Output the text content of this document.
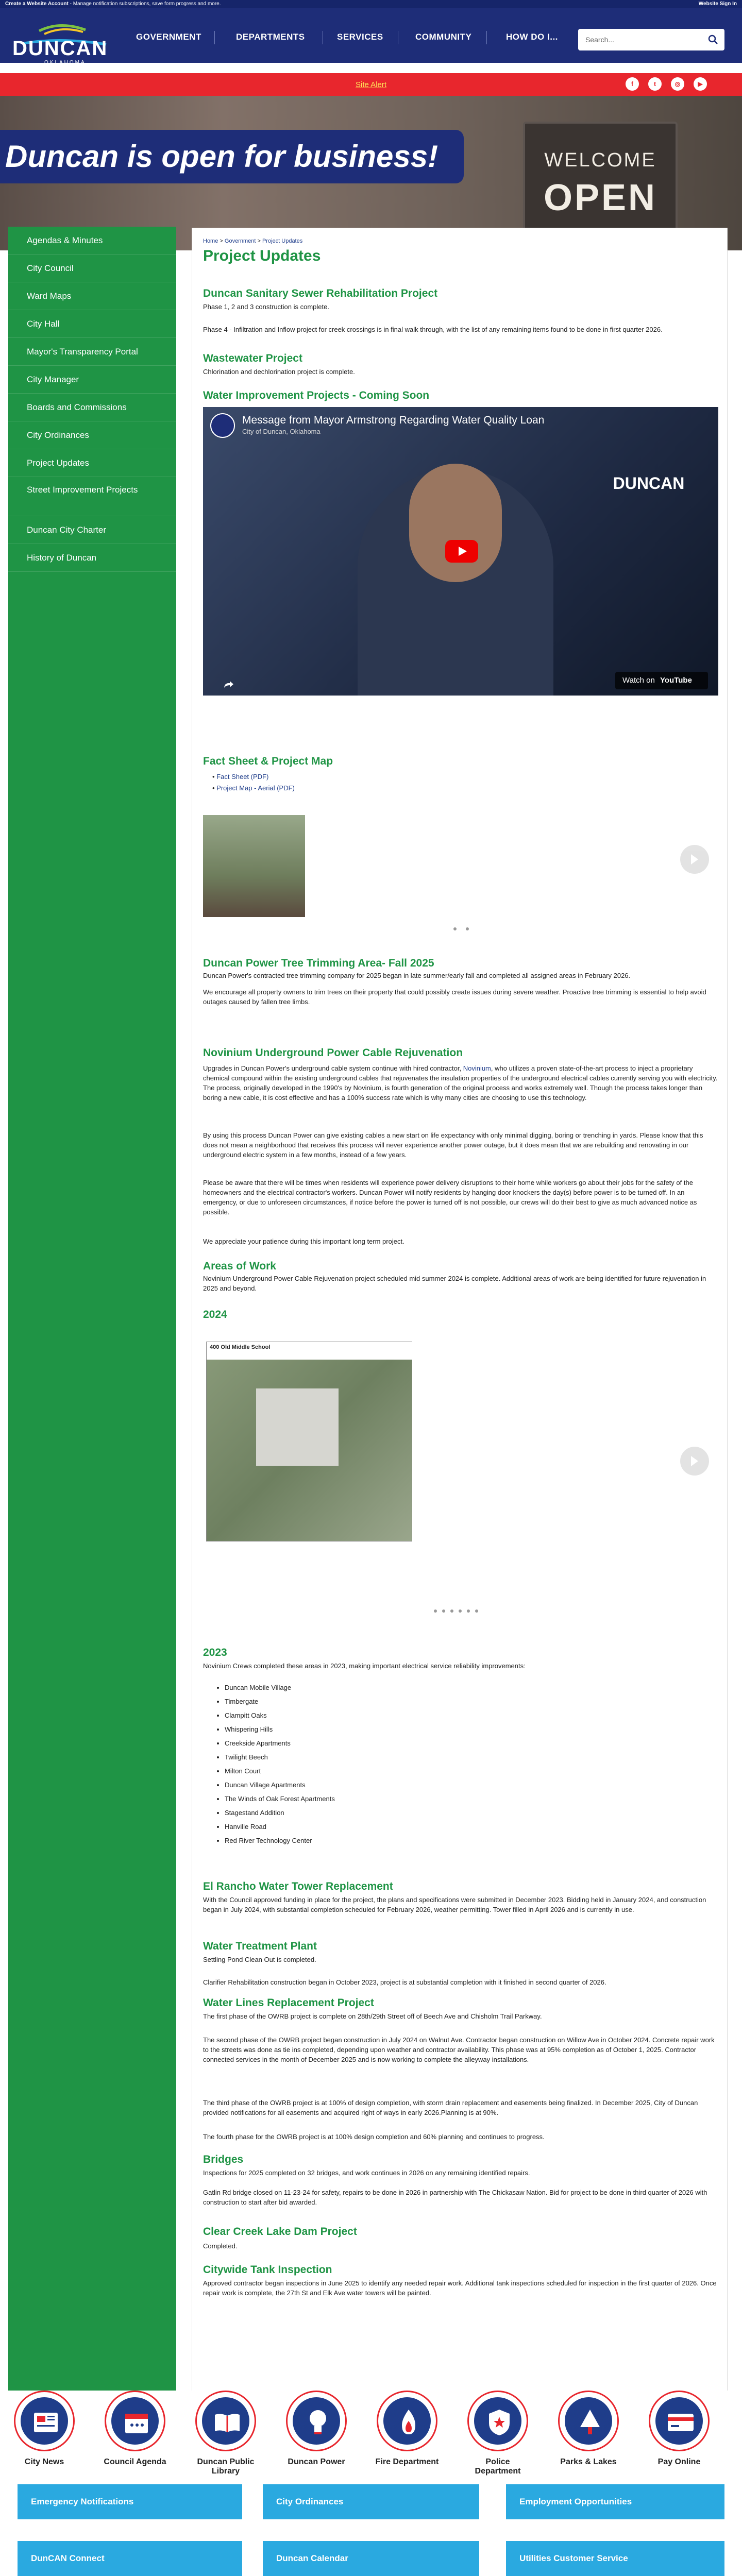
Create a Website Account - Manage notification subscriptions, save form progress and more.	Website Sign In
DUNCAN
OKLAHOMA
GOVERNMENT	DEPARTMENTS	SERVICES	COMMUNITY	HOW DO I...	Search...
Site Alert	f	t	◎	▶
Duncan is open for business!	WELCOME
OPEN
Agendas & Minutes
City Council
Ward Maps
City Hall
Mayor's Transparency Portal
City Manager
Boards and Commissions
City Ordinances
Project Updates
Street Improvement Projects
Duncan City Charter
History of Duncan
Home > Government > Project Updates
Project Updates
Duncan Sanitary Sewer Rehabilitation Project

Phase 1, 2 and 3 construction is complete.

Phase 4 - Infiltration and Inflow project for creek crossings is in final walk through, with the list of any remaining items found to be done in first quarter 2026.

Wastewater Project

Chlorination and dechlorination project is complete.

Water Improvement Projects - Coming Soon
Message from Mayor Armstrong Regarding Water Quality Loan
City of Duncan, Oklahoma
DUNCAN
Watch on YouTube
Fact Sheet & Project Map
• Fact Sheet (PDF)
• Project Map - Aerial (PDF)
Duncan Power Tree Trimming Area- Fall 2025

Duncan Power's contracted tree trimming company for 2025 began in late summer/early fall and completed all assigned areas in February 2026.

We encourage all property owners to trim trees on their property that could possibly create issues during severe weather. Proactive tree trimming is essential to help avoid outages caused by fallen tree limbs.

Novinium Underground Power Cable Rejuvenation

Upgrades in Duncan Power's underground cable system continue with hired contractor, Novinium, who utilizes a proven state-of-the-art process to inject a proprietary chemical compound within the existing underground cables that rejuvenates the insulation properties of the underground electrical cables currently serving you with electricity. The process, originally developed in the 1990's by Novinium, is fourth generation of the original process and works extremely well. Though the process takes longer than boring a new cable, it is cost effective and has a 100% success rate which is why many cities are choosing to use this technology.

By using this process Duncan Power can give existing cables a new start on life expectancy with only minimal digging, boring or trenching in yards. Please know that this does not mean a neighborhood that receives this process will never experience another power outage, but it does mean that we are rebuilding and renovating in our underground electric system in a few months, instead of a few years.

Please be aware that there will be times when residents will experience power delivery disruptions to their home while workers go about their jobs for the safety of the homeowners and the electrical contractor's workers. Duncan Power will notify residents by hanging door knockers the day(s) before power is to be turned off. In an emergency, or due to unforeseen circumstances, if notice before the power is turned off is not possible, our crews will do their best to give as much advanced notice as possible.

We appreciate your patience during this important long term project.

Areas of Work

Novinium Underground Power Cable Rejuvenation project scheduled mid summer 2024 is complete. Additional areas of work are being identified for future rejuvenation in 2025 and beyond.

2024
400 Old Middle School
2023

Novinium Crews completed these areas in 2023, making important electrical service reliability improvements:

• Duncan Mobile Village
• Timbergate
• Clampitt Oaks
• Whispering Hills
• Creekside Apartments
• Twilight Beech
• Milton Court
• Duncan Village Apartments
• The Winds of Oak Forest Apartments
• Stagestand Addition
• Hanville Road
• Red River Technology Center
El Rancho Water Tower Replacement

With the Council approved funding in place for the project, the plans and specifications were submitted in December 2023. Bidding held in January 2024, and construction began in July 2024, with substantial completion scheduled for February 2026, weather permitting. Tower filled in April 2026 and is currently in use.

Water Treatment Plant

Settling Pond Clean Out is completed.

Clarifier Rehabilitation construction began in October 2023, project is at substantial completion with it finished in second quarter of 2026.

Water Lines Replacement Project

The first phase of the OWRB project is complete on 28th/29th Street off of Beech Ave and Chisholm Trail Parkway.

The second phase of the OWRB project began construction in July 2024 on Walnut Ave. Contractor began construction on Willow Ave in October 2024. Concrete repair work to the streets was done as tie ins completed, depending upon weather and contractor availability. This phase was at 95% completion as of October 1, 2025. Contractor connected services in the month of December 2025 and is now working to complete the alleyway installations.

The third phase of the OWRB project is at 100% of design completion, with storm drain replacement and easements being finalized. In December 2025, City of Duncan provided notifications for all easements and acquired right of ways in early 2026.Planning is at 90%.

The fourth phase for the OWRB project is at 100% design completion and 60% planning and continues to progress.

Bridges

Inspections for 2025 completed on 32 bridges, and work continues in 2026 on any remaining identified repairs.

Gatlin Rd bridge closed on 11-23-24 for safety, repairs to be done in 2026 in partnership with The Chickasaw Nation. Bid for project to be done in third quarter of 2026 with construction to start after bid awarded.

Clear Creek Lake Dam Project

Completed.

Citywide Tank Inspection

Approved contractor began inspections in June 2025 to identify any needed repair work. Additional tank inspections scheduled for inspection in the first quarter of 2026. Once repair work is complete, the 27th St and Elk Ave water towers will be painted.

City News	Council Agenda	Duncan Public Library
Duncan Power	Fire Department	Police Department
Parks & Lakes	Pay Online
Emergency Notifications	City Ordinances	Employment Opportunities
DunCAN Connect	Duncan Calendar	Utilities Customer Service
